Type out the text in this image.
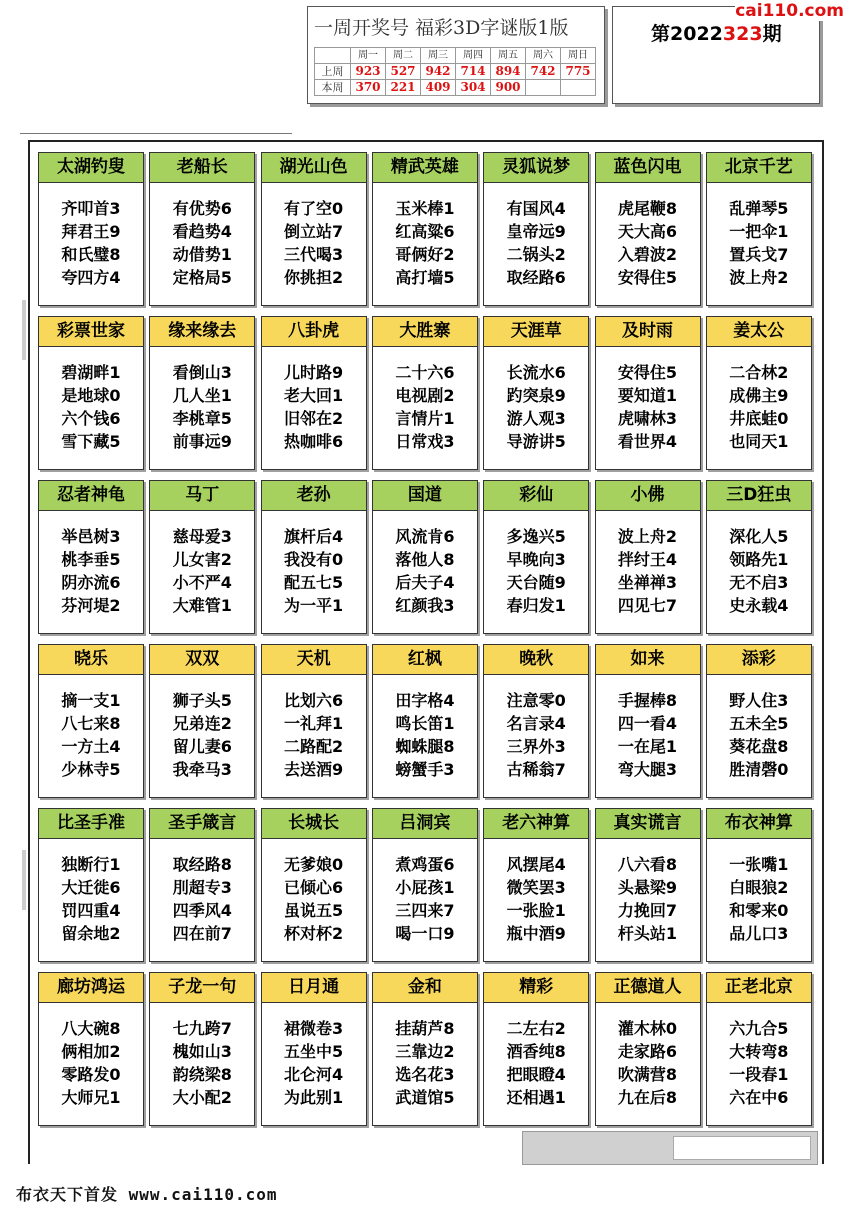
一周开奖号 福彩3D字谜版1版
	周一	周二	周三	周四	周五	周六	周日
上周	923	527	942	714	894	742	775
本周	370	221	409	304	900		
第2022323期
cai110.com
太湖钓叟
齐叩首3
拜君王9
和氏璧8
夸四方4
老船长
有优势6
看趋势4
动借势1
定格局5
湖光山色
有了空0
倒立站7
三代喝3
你挑担2
精武英雄
玉米棒1
红高粱6
哥俩好2
高打墙5
灵狐说梦
有国风4
皇帝远9
二锅头2
取经路6
蓝色闪电
虎尾鞭8
天大高6
入碧波2
安得住5
北京千艺
乱弹琴5
一把伞1
置兵戈7
波上舟2
彩票世家
碧湖畔1
是地球0
六个钱6
雪下藏5
缘来缘去
看倒山3
几人坐1
李桃章5
前事远9
八卦虎
儿时路9
老大回1
旧邻在2
热咖啡6
大胜寨
二十六6
电视剧2
言情片1
日常戏3
天涯草
长流水6
趵突泉9
游人观3
导游讲5
及时雨
安得住5
要知道1
虎啸林3
看世界4
姜太公
二合林2
成佛主9
井底蛙0
也同天1
忍者神龟
举邑树3
桃李垂5
阴亦流6
芬河堤2
马丁
慈母爱3
儿女害2
小不严4
大难管1
老孙
旗杆后4
我没有0
配五七5
为一平1
国道
风流肯6
落他人8
后夫子4
红颜我3
彩仙
多逸兴5
早晚向3
天台随9
春归发1
小佛
波上舟2
拌纣王4
坐禅禅3
四见七7
三D狂虫
深化人5
领路先1
无不启3
史永载4
晓乐
摘一支1
八七来8
一方土4
少林寺5
双双
狮子头5
兄弟连2
留儿妻6
我牵马3
天机
比划六6
一礼拜1
二路配2
去送酒9
红枫
田字格4
鸣长笛1
蜘蛛腿8
螃蟹手3
晚秋
注意零0
名言录4
三界外3
古稀翁7
如来
手握棒8
四一看4
一在尾1
弯大腿3
添彩
野人住3
五未全5
葵花盘8
胜清磬0
比圣手准
独断行1
大迁徙6
罚四重4
留余地2
圣手箴言
取经路8
刖超专3
四季风4
四在前7
长城长
无爹娘0
已倾心6
虽说五5
杯对杯2
吕洞宾
煮鸡蛋6
小屁孩1
三四来7
喝一口9
老六神算
风摆尾4
微笑罢3
一张脸1
瓶中酒9
真实谎言
八六看8
头悬梁9
力挽回7
杆头站1
布衣神算
一张嘴1
白眼狼2
和零来0
品儿口3
廊坊鸿运
八大碗8
俩相加2
零路发0
大师兄1
子龙一句
七九跨7
槐如山3
韵绕梁8
大小配2
日月通
裙微卷3
五坐中5
北仑河4
为此别1
金和
挂葫芦8
三靠边2
选名花3
武道馆5
精彩
二左右2
酒香纯8
把眼瞪4
还相遇1
正德道人
灌木林0
走家路6
吹满营8
九在后8
正老北京
六九合5
大转弯8
一段春1
六在中6
布衣天下首发 www.cai110.com
